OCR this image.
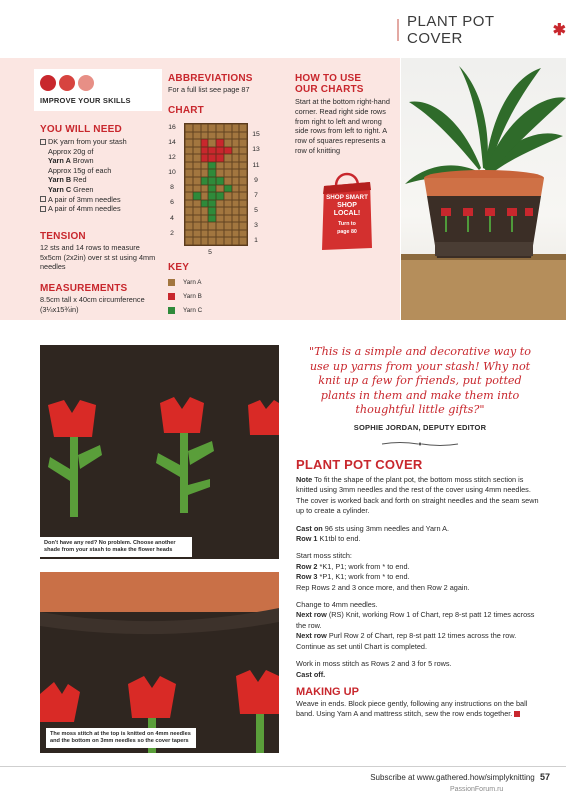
PLANT POT COVER	✱
IMPROVE YOUR SKILLS
YOU WILL NEED
DK yarn from your stash
Approx 20g of
Yarn A Brown
Approx 15g of each
Yarn B Red
Yarn C Green
A pair of 3mm needles
A pair of 4mm needles
TENSION
12 sts and 14 rows to measure 5x5cm (2x2in) over st st using 4mm needles
MEASUREMENTS
8.5cm tall x 40cm circumference
(3¼x15¾in)
ABBREVIATIONS
For a full list see page 87
CHART
16
14
12
10
8
6
4
2
15
13
11
9
7
5
3
1
5
KEY
Yarn A
Yarn B
Yarn C
HOW TO USE
OUR CHARTS
Start at the bottom right-hand corner. Read right side rows from right to left and wrong side rows from left to right. A row of squares represents a row of knitting
SHOP SMART
SHOP
LOCAL!
Turn to
page 80
Don't have any red? No problem. Choose another shade from your stash to make the flower heads
The moss stitch at the top is knitted on 4mm needles and the bottom on 3mm needles so the cover tapers
"This is a simple and decorative way to use up yarns from your stash! Why not knit up a few for friends, put potted plants in them and make them into thoughtful little gifts?"
SOPHIE JORDAN, DEPUTY EDITOR
PLANT POT COVER

Note To fit the shape of the plant pot, the bottom moss stitch section is knitted using 3mm needles and the rest of the cover using 4mm needles. The cover is worked back and forth on straight needles and the seam sewn up to create a cylinder.

Cast on 96 sts using 3mm needles and Yarn A.

Row 1 K1tbl to end.

Start moss stitch:

Row 2 *K1, P1; work from * to end.

Row 3 *P1, K1; work from * to end.

Rep Rows 2 and 3 once more, and then Row 2 again.

Change to 4mm needles.

Next row (RS) Knit, working Row 1 of Chart, rep 8-st patt 12 times across the row.

Next row Purl Row 2 of Chart, rep 8-st patt 12 times across the row. Continue as set until Chart is completed.

Work in moss stitch as Rows 2 and 3 for 5 rows.

Cast off.

MAKING UP

Weave in ends. Block piece gently, following any instructions on the ball band. Using Yarn A and mattress stitch, sew the row ends together.

Subscribe at www.gathered.how/simplyknitting 57
PassionForum.ru
